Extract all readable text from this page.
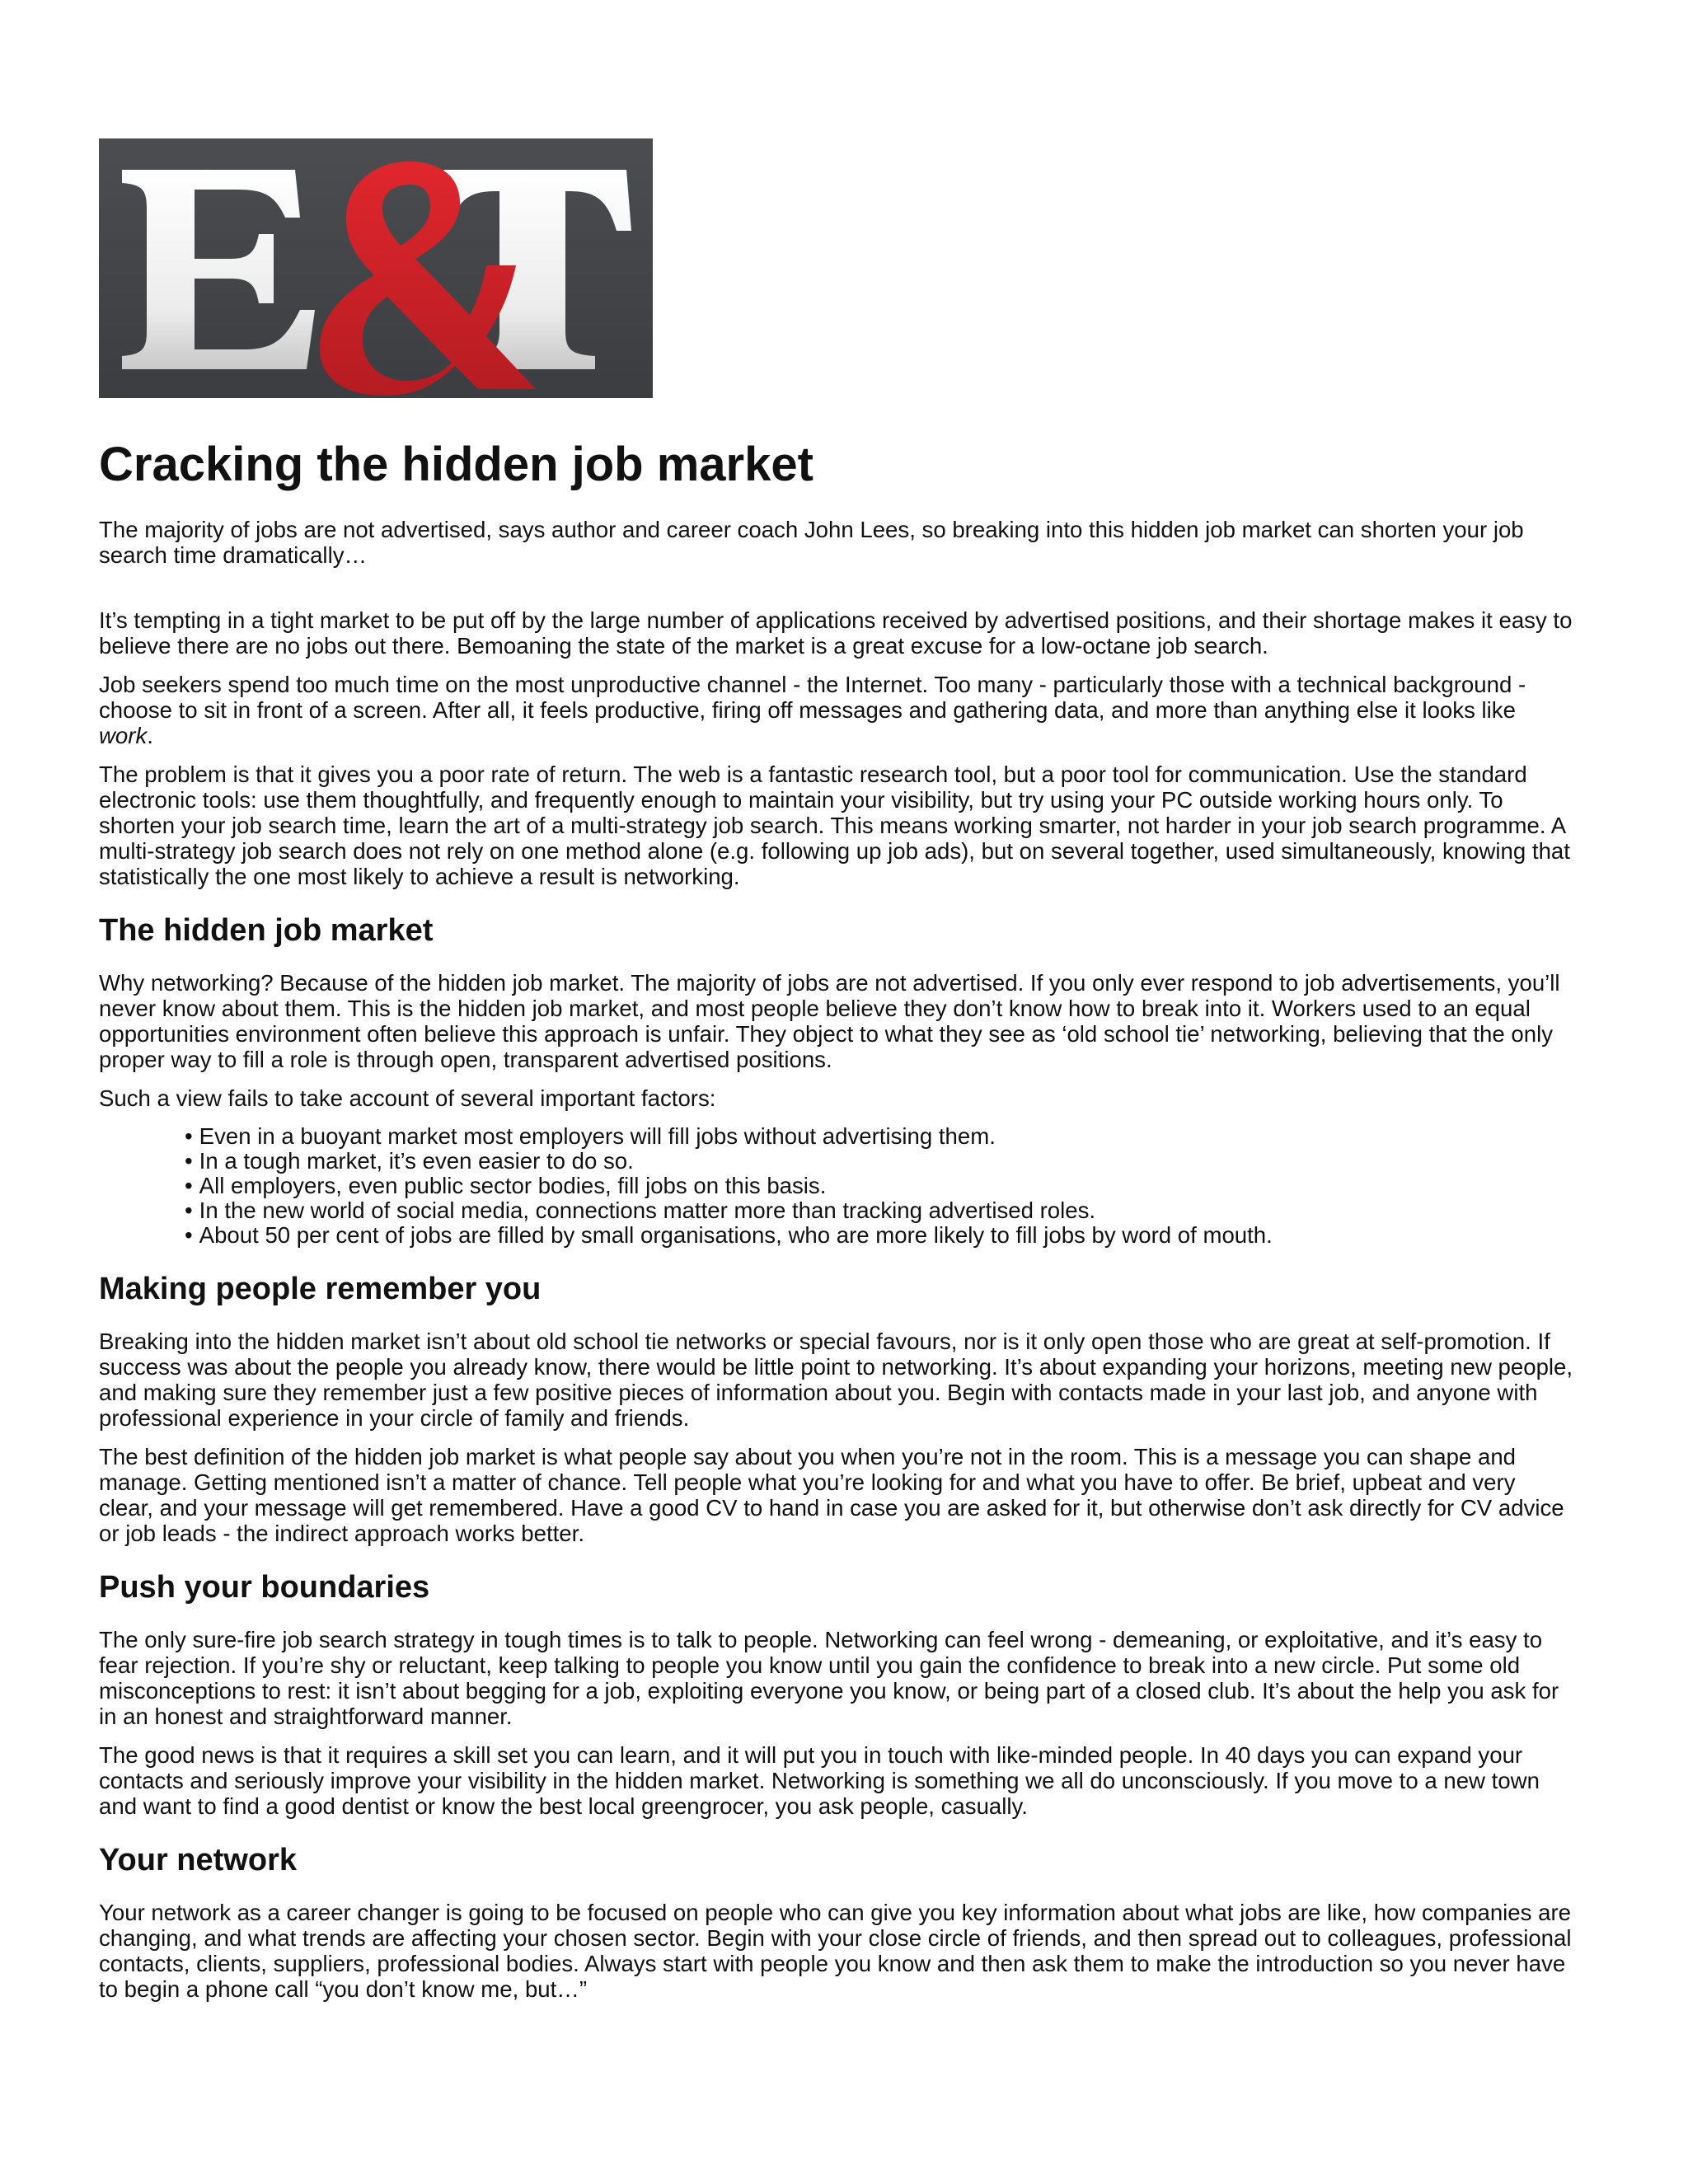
Cracking the hidden job market

The majority of jobs are not advertised, says author and career coach John Lees, so breaking into this hidden job market can shorten your job search time dramatically…

It’s tempting in a tight market to be put off by the large number of applications received by advertised positions, and their shortage makes it easy to believe there are no jobs out there. Bemoaning the state of the market is a great excuse for a low-octane job search.

Job seekers spend too much time on the most unproductive channel - the Internet. Too many - particularly those with a technical background - choose to sit in front of a screen. After all, it feels productive, firing off messages and gathering data, and more than anything else it looks like work.

The problem is that it gives you a poor rate of return. The web is a fantastic research tool, but a poor tool for communication. Use the standard electronic tools: use them thoughtfully, and frequently enough to maintain your visibility, but try using your PC outside working hours only. To shorten your job search time, learn the art of a multi-strategy job search. This means working smarter, not harder in your job search programme. A multi-strategy job search does not rely on one method alone (e.g. following up job ads), but on several together, used simultaneously, knowing that statistically the one most likely to achieve a result is networking.

The hidden job market

Why networking? Because of the hidden job market. The majority of jobs are not advertised. If you only ever respond to job advertisements, you’ll never know about them. This is the hidden job market, and most people believe they don’t know how to break into it. Workers used to an equal opportunities environment often believe this approach is unfair. They object to what they see as ‘old school tie’ networking, believing that the only proper way to fill a role is through open, transparent advertised positions.

Such a view fails to take account of several important factors:

• Even in a buoyant market most employers will fill jobs without advertising them.
• In a tough market, it’s even easier to do so.
• All employers, even public sector bodies, fill jobs on this basis.
• In the new world of social media, connections matter more than tracking advertised roles.
• About 50 per cent of jobs are filled by small organisations, who are more likely to fill jobs by word of mouth.
Making people remember you

Breaking into the hidden market isn’t about old school tie networks or special favours, nor is it only open those who are great at self-promotion. If success was about the people you already know, there would be little point to networking. It’s about expanding your horizons, meeting new people, and making sure they remember just a few positive pieces of information about you. Begin with contacts made in your last job, and anyone with professional experience in your circle of family and friends.

The best definition of the hidden job market is what people say about you when you’re not in the room. This is a message you can shape and manage. Getting mentioned isn’t a matter of chance. Tell people what you’re looking for and what you have to offer. Be brief, upbeat and very clear, and your message will get remembered. Have a good CV to hand in case you are asked for it, but otherwise don’t ask directly for CV advice or job leads - the indirect approach works better.

Push your boundaries

The only sure-fire job search strategy in tough times is to talk to people. Networking can feel wrong - demeaning, or exploitative, and it’s easy to fear rejection. If you’re shy or reluctant, keep talking to people you know until you gain the confidence to break into a new circle. Put some old misconceptions to rest: it isn’t about begging for a job, exploiting everyone you know, or being part of a closed club. It’s about the help you ask for in an honest and straightforward manner.

The good news is that it requires a skill set you can learn, and it will put you in touch with like-minded people. In 40 days you can expand your contacts and seriously improve your visibility in the hidden market. Networking is something we all do unconsciously. If you move to a new town and want to find a good dentist or know the best local greengrocer, you ask people, casually.

Your network

Your network as a career changer is going to be focused on people who can give you key information about what jobs are like, how companies are changing, and what trends are affecting your chosen sector. Begin with your close circle of friends, and then spread out to colleagues, professional contacts, clients, suppliers, professional bodies. Always start with people you know and then ask them to make the introduction so you never have to begin a phone call “you don’t know me, but…”
